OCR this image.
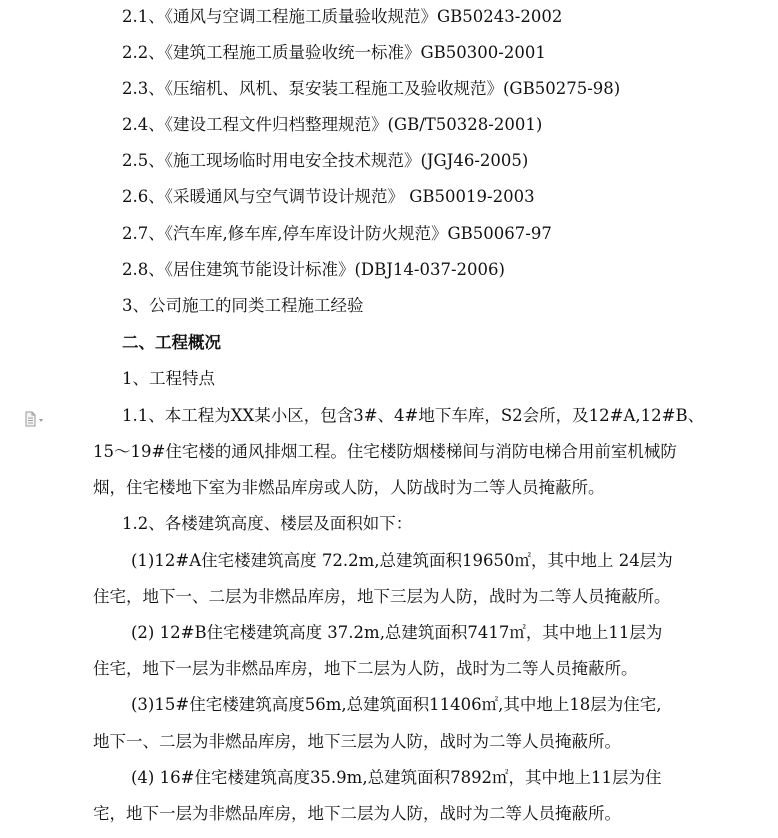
2.1、《通风与空调工程施工质量验收规范》GB50243-2002
2.2、《建筑工程施工质量验收统一标准》GB50300-2001
2.3、《压缩机、风机、泵安装工程施工及验收规范》(GB50275-98)
2.4、《建设工程文件归档整理规范》(GB/T50328-2001)
2.5、《施工现场临时用电安全技术规范》(JGJ46-2005)
2.6、《采暖通风与空气调节设计规范》 GB50019-2003
2.7、《汽车库,修车库,停车库设计防火规范》GB50067-97
2.8、《居住建筑节能设计标准》(DBJ14-037-2006)
3、公司施工的同类工程施工经验
二、工程概况
1、工程特点
1.1、本工程为XX某小区，包含3#、4#地下车库，S2会所，及12#A,12#B、
15～19#住宅楼的通风排烟工程。住宅楼防烟楼梯间与消防电梯合用前室机械防
烟，住宅楼地下室为非燃品库房或人防，人防战时为二等人员掩蔽所。
1.2、各楼建筑高度、楼层及面积如下：
(1)12#A住宅楼建筑高度 72.2m,总建筑面积19650㎡，其中地上 24层为
住宅，地下一、二层为非燃品库房，地下三层为人防，战时为二等人员掩蔽所。
(2) 12#B住宅楼建筑高度 37.2m,总建筑面积7417㎡，其中地上11层为
住宅，地下一层为非燃品库房，地下二层为人防，战时为二等人员掩蔽所。
(3)15#住宅楼建筑高度56m,总建筑面积11406㎡,其中地上18层为住宅,
地下一、二层为非燃品库房，地下三层为人防，战时为二等人员掩蔽所。
(4) 16#住宅楼建筑高度35.9m,总建筑面积7892㎡，其中地上11层为住
宅，地下一层为非燃品库房，地下二层为人防，战时为二等人员掩蔽所。
